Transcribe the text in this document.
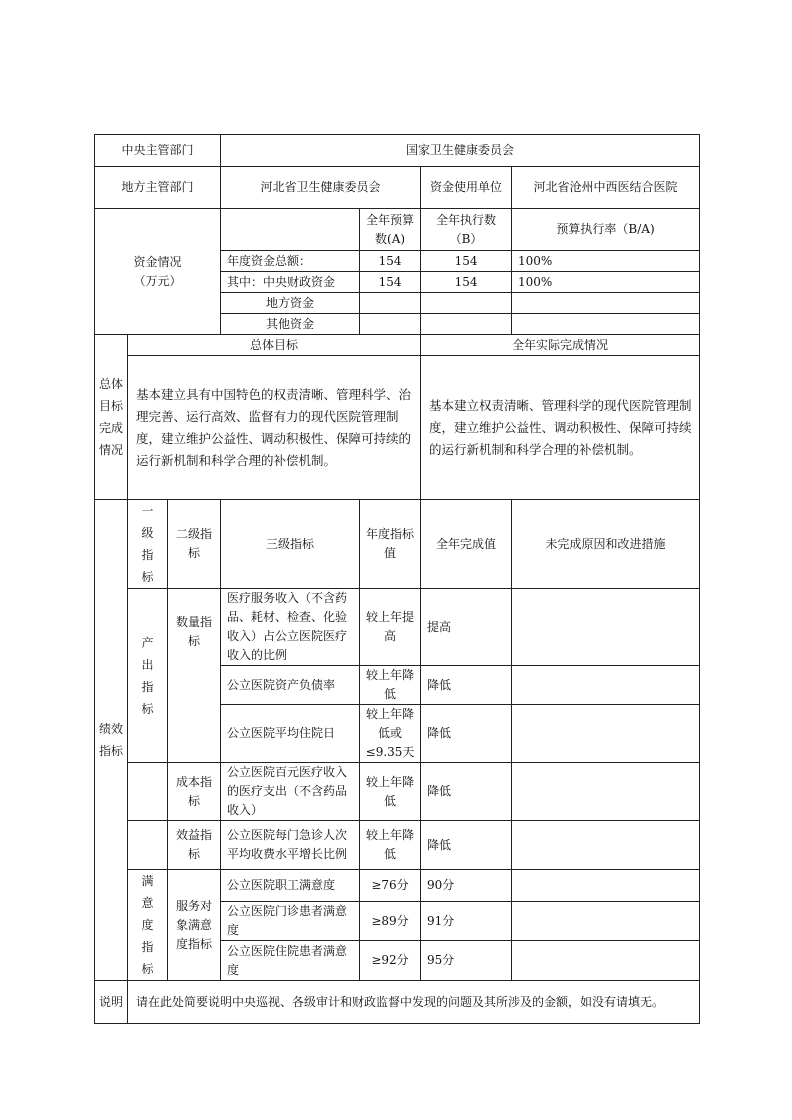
中央主管部门			国家卫生健康委员会			
地方主管部门			河北省卫生健康委员会		资金使用单位	河北省沧州中西医结合医院
资金情况（万元）				全年预算数(A)	全年执行数（B）	预算执行率（B/A)
			年度资金总额：	154	154	100%
			其中：中央财政资金	154	154	100%
			地方资金			
			其他资金			
总体目标完成情况	总体目标				全年实际完成情况	
	基本建立具有中国特色的权责清晰、管理科学、治理完善、运行高效、监督有力的现代医院管理制度，建立维护公益性、调动积极性、保障可持续的运行新机制和科学合理的补偿机制。				基本建立权责清晰、管理科学的现代医院管理制度，建立维护公益性、调动积极性、保障可持续的运行新机制和科学合理的补偿机制。	
绩效指标	一级指标	二级指标	三级指标	年度指标值	全年完成值	未完成原因和改进措施
	产出指标	数量指标	医疗服务收入（不含药品、耗材、检查、化验收入）占公立医院医疗收入的比例	较上年提高	提高	
			公立医院资产负债率	较上年降低	降低	
			公立医院平均住院日	较上年降低或≤9.35天	降低	
		成本指标	公立医院百元医疗收入的医疗支出（不含药品收入）	较上年降低	降低	
		效益指标	公立医院每门急诊人次平均收费水平增长比例	较上年降低	降低	
	满意度指标	服务对象满意度指标	公立医院职工满意度	≥76分	90分	
			公立医院门诊患者满意度	≥89分	91分	
			公立医院住院患者满意度	≥92分	95分	
说明	请在此处简要说明中央巡视、各级审计和财政监督中发现的问题及其所涉及的金额，如没有请填无。					
